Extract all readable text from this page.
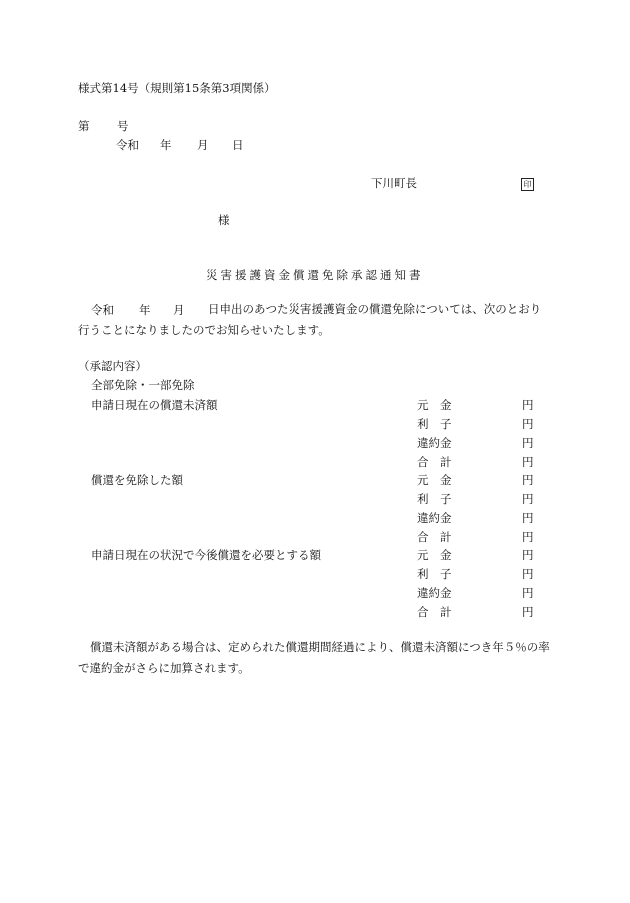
様式第14号（規則第15条第3項関係）
第 号
令和 年 月 日
下川町長	印
様
災害援護資金償還免除承認通知書
令和 年 月	日申出のあつた災害援護資金の償還免除については、次のとおり行うことになりましたのでお知らせいたします。
（承認内容）
全部免除・一部免除
申請日現在の償還未済額	元　金	円
利　子	円
違約金	円
合　計	円
償還を免除した額	元　金	円
利　子	円
違約金	円
合　計	円
申請日現在の状況で今後償還を必要とする額	元　金	円
利　子	円
違約金	円
合　計	円
償還未済額がある場合は、定められた償還期間経過により、償還未済額につき年５％の率で違約金がさらに加算されます。
